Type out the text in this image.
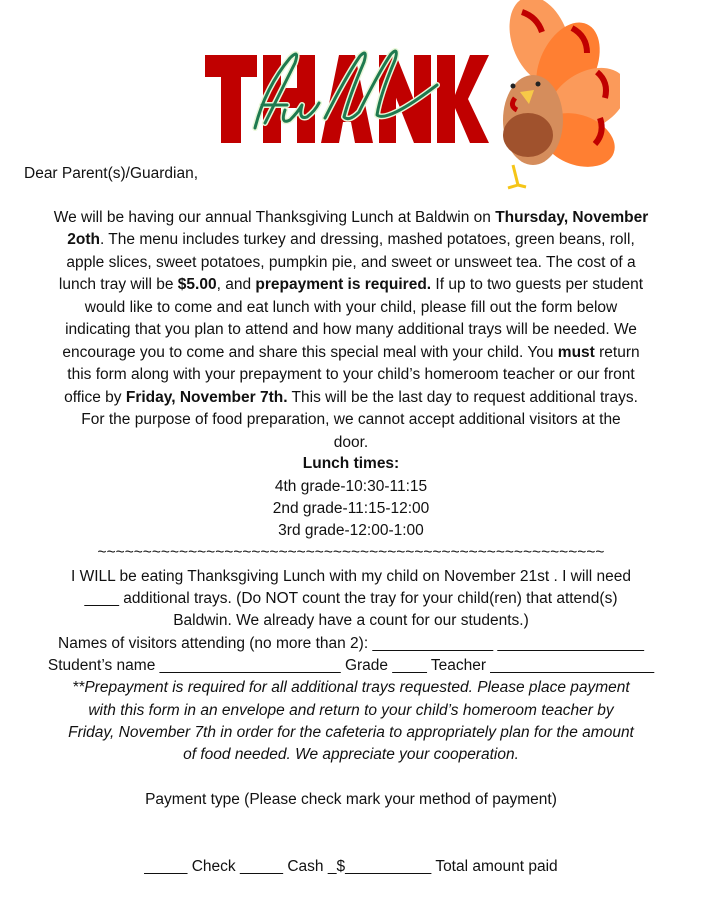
Dear Parent(s)/Guardian,
We will be having our annual Thanksgiving Lunch at Baldwin on Thursday, November
2oth. The menu includes turkey and dressing, mashed potatoes, green beans, roll,
apple slices, sweet potatoes, pumpkin pie, and sweet or unsweet tea. The cost of a
lunch tray will be $5.00, and prepayment is required. If up to two guests per student
would like to come and eat lunch with your child, please fill out the form below
indicating that you plan to attend and how many additional trays will be needed. We
encourage you to come and share this special meal with your child. You must return
this form along with your prepayment to your child’s homeroom teacher or our front
office by Friday, November 7th. This will be the last day to request additional trays.
For the purpose of food preparation, we cannot accept additional visitors at the
door.
Lunch times:
4th grade-10:30-11:15
2nd grade-11:15-12:00
3rd grade-12:00-1:00
~~~~~~~~~~~~~~~~~~~~~~~~~~~~~~~~~~~~~~~~~~~~~~~~~~~~~~~~
I WILL be eating Thanksgiving Lunch with my child on November 21st . I will need
____ additional trays. (Do NOT count the tray for your child(ren) that attend(s)
Baldwin. We already have a count for our students.)
Names of visitors attending (no more than 2): ______________ _________________
Student’s name _____________________ Grade ____ Teacher ___________________
**Prepayment is required for all additional trays requested. Please place payment
with this form in an envelope and return to your child’s homeroom teacher by
Friday, November 7th in order for the cafeteria to appropriately plan for the amount
of food needed. We appreciate your cooperation.
Payment type (Please check mark your method of payment)
_____ Check _____ Cash _$__________ Total amount paid
